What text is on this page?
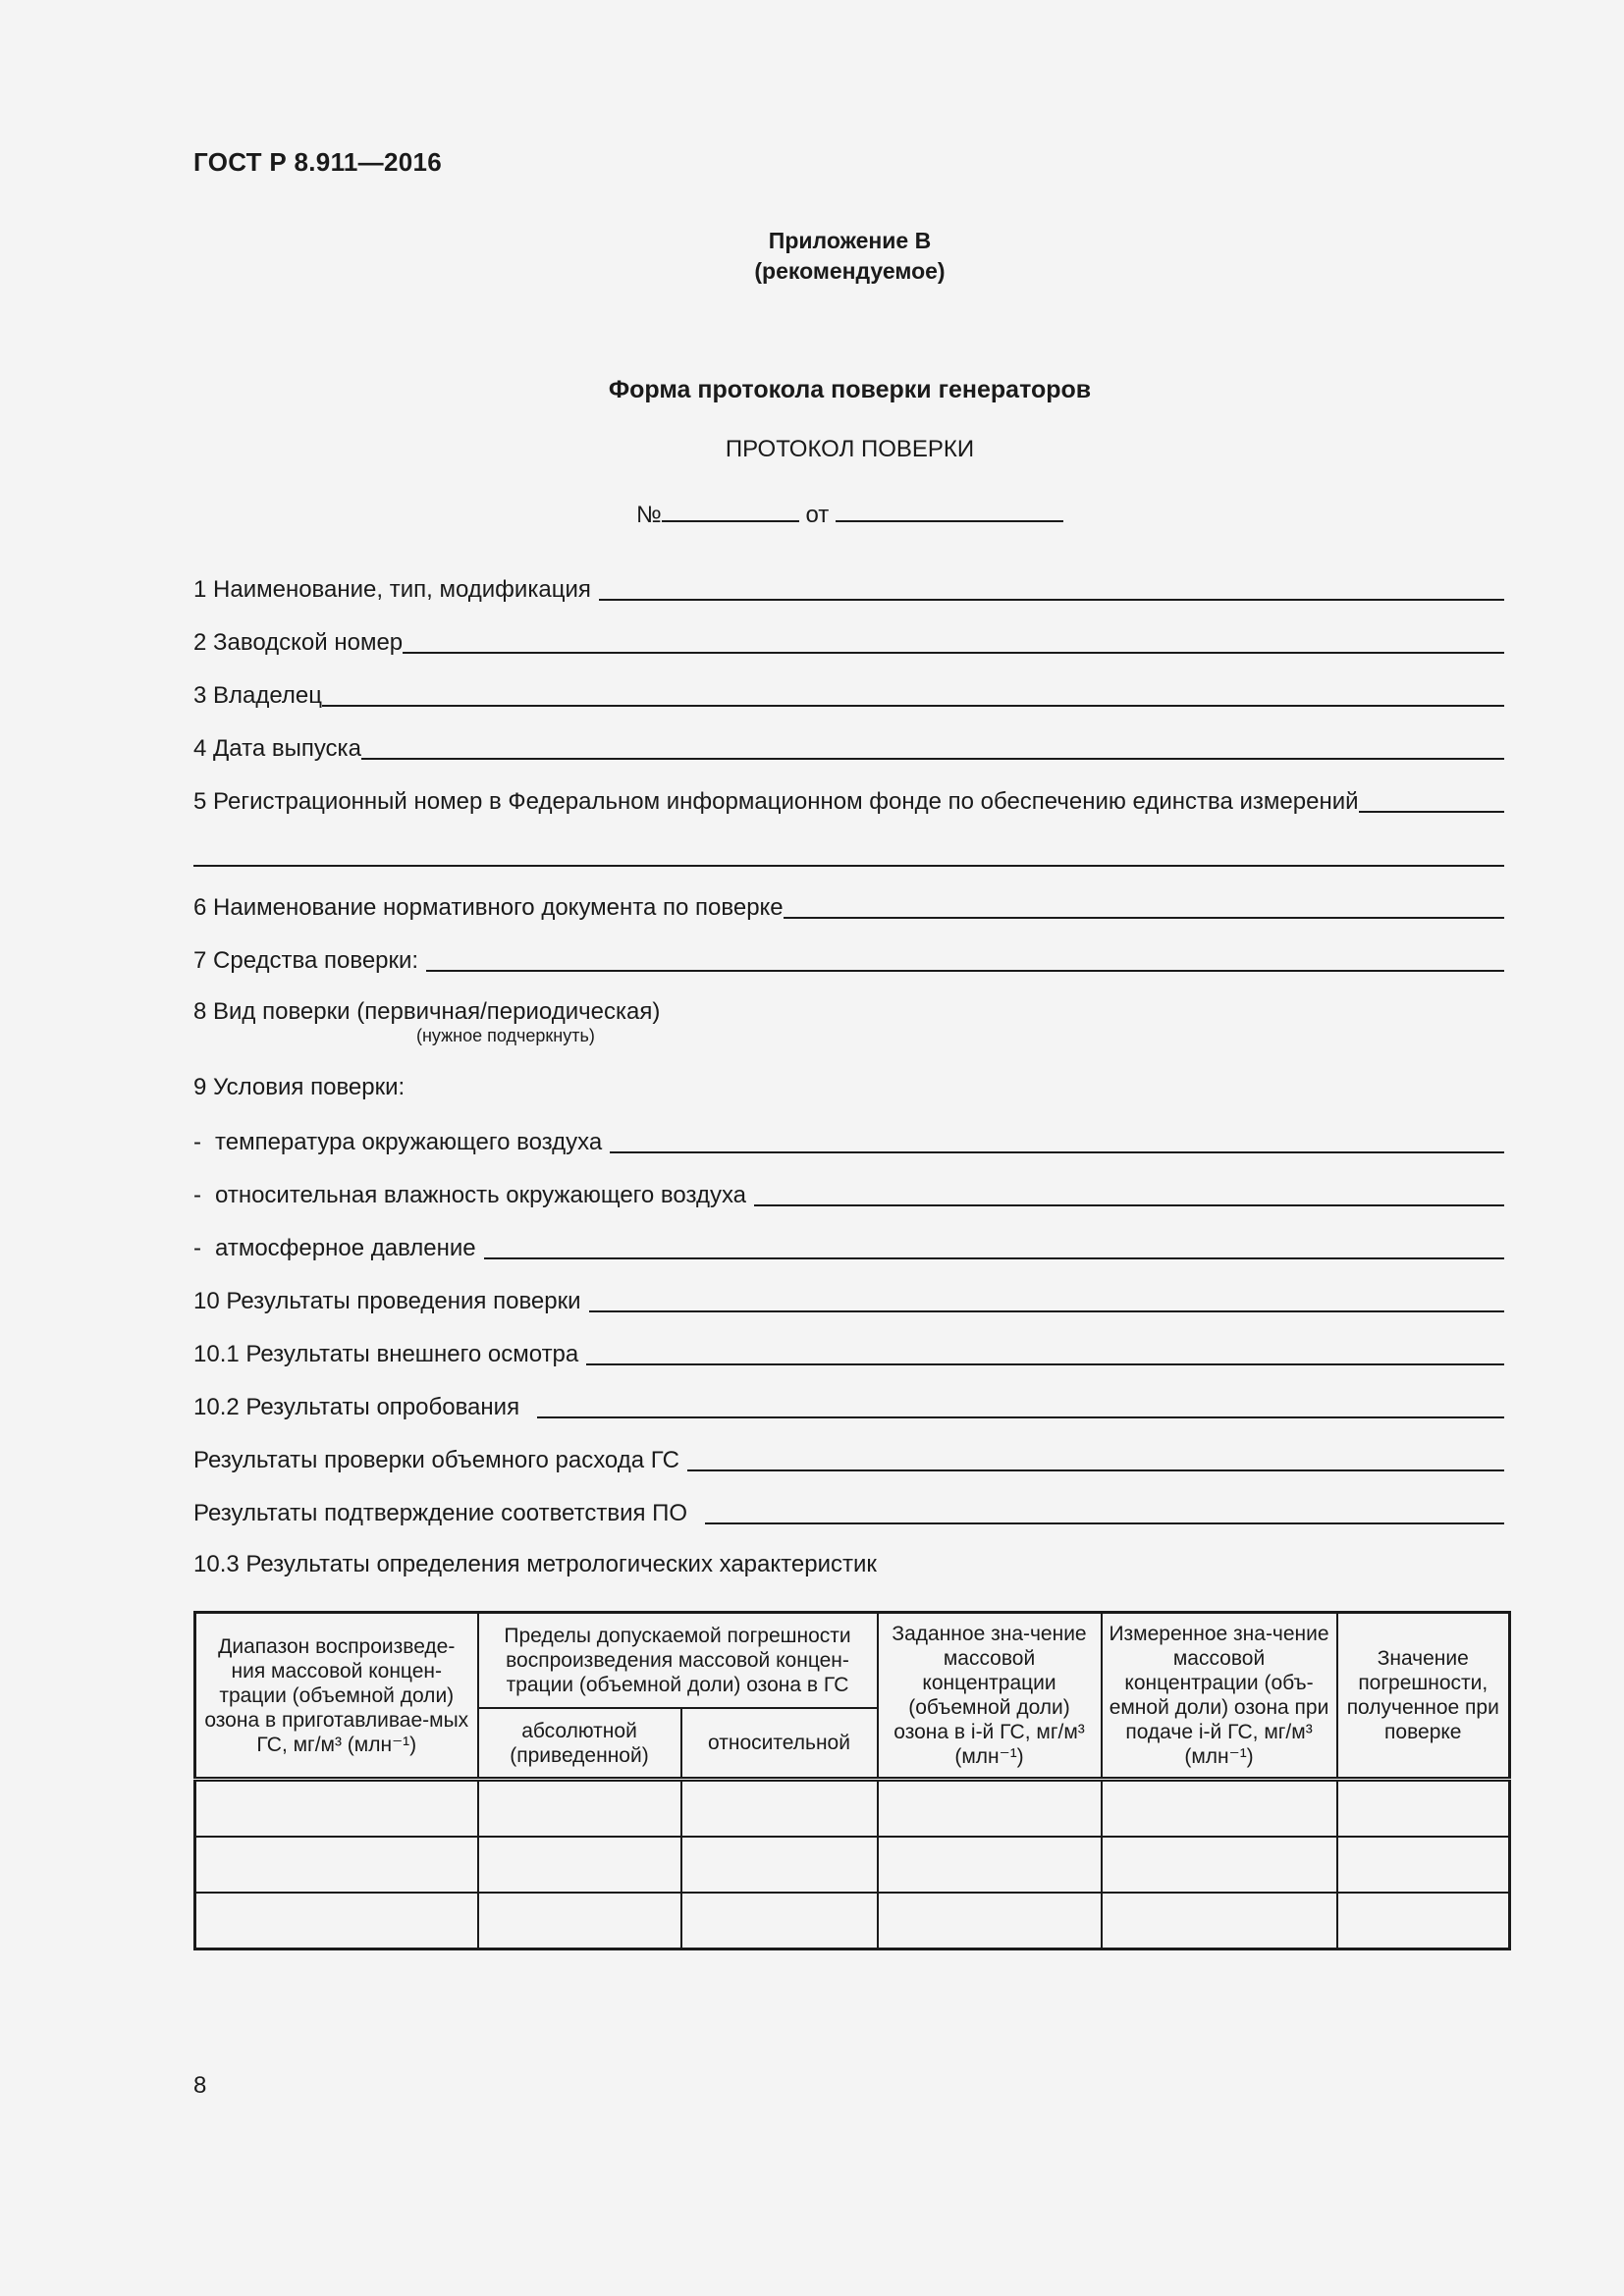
ГОСТ Р 8.911—2016
Приложение В
(рекомендуемое)
Форма протокола поверки генераторов
ПРОТОКОЛ ПОВЕРКИ
№	от
1 Наименование, тип, модификация
2 Заводской номер
3 Владелец
4 Дата выпуска
5 Регистрационный номер в Федеральном информационном фонде по обеспечению единства измерений
6 Наименование нормативного документа по поверке
7 Средства поверки:
8 Вид поверки (первичная/периодическая)
(нужное подчеркнуть)
9 Условия поверки:
- температура окружающего воздуха
- относительная влажность окружающего воздуха
- атмосферное давление
10 Результаты проведения поверки
10.1 Результаты внешнего осмотра
10.2 Результаты опробования
Результаты проверки объемного расхода ГС
Результаты подтверждение соответствия ПО
10.3 Результаты определения метрологических характеристик
Диапазон воспроизведе-ния массовой концен-трации (объемной доли) озона в приготавливае-мых ГС, мг/м³ (млн⁻¹)	Пределы допускаемой погрешности воспроизведения массовой концен-трации (объемной доли) озона в ГС		Заданное зна-чение массовой концентрации (объемной доли) озона в i-й ГС, мг/м³ (млн⁻¹)	Измеренное зна-чение массовой концентрации (объ-емной доли) озона при подаче i-й ГС, мг/м³ (млн⁻¹)	Значение погрешности, полученное при поверке
	абсолютной (приведенной)	относительной			

8
